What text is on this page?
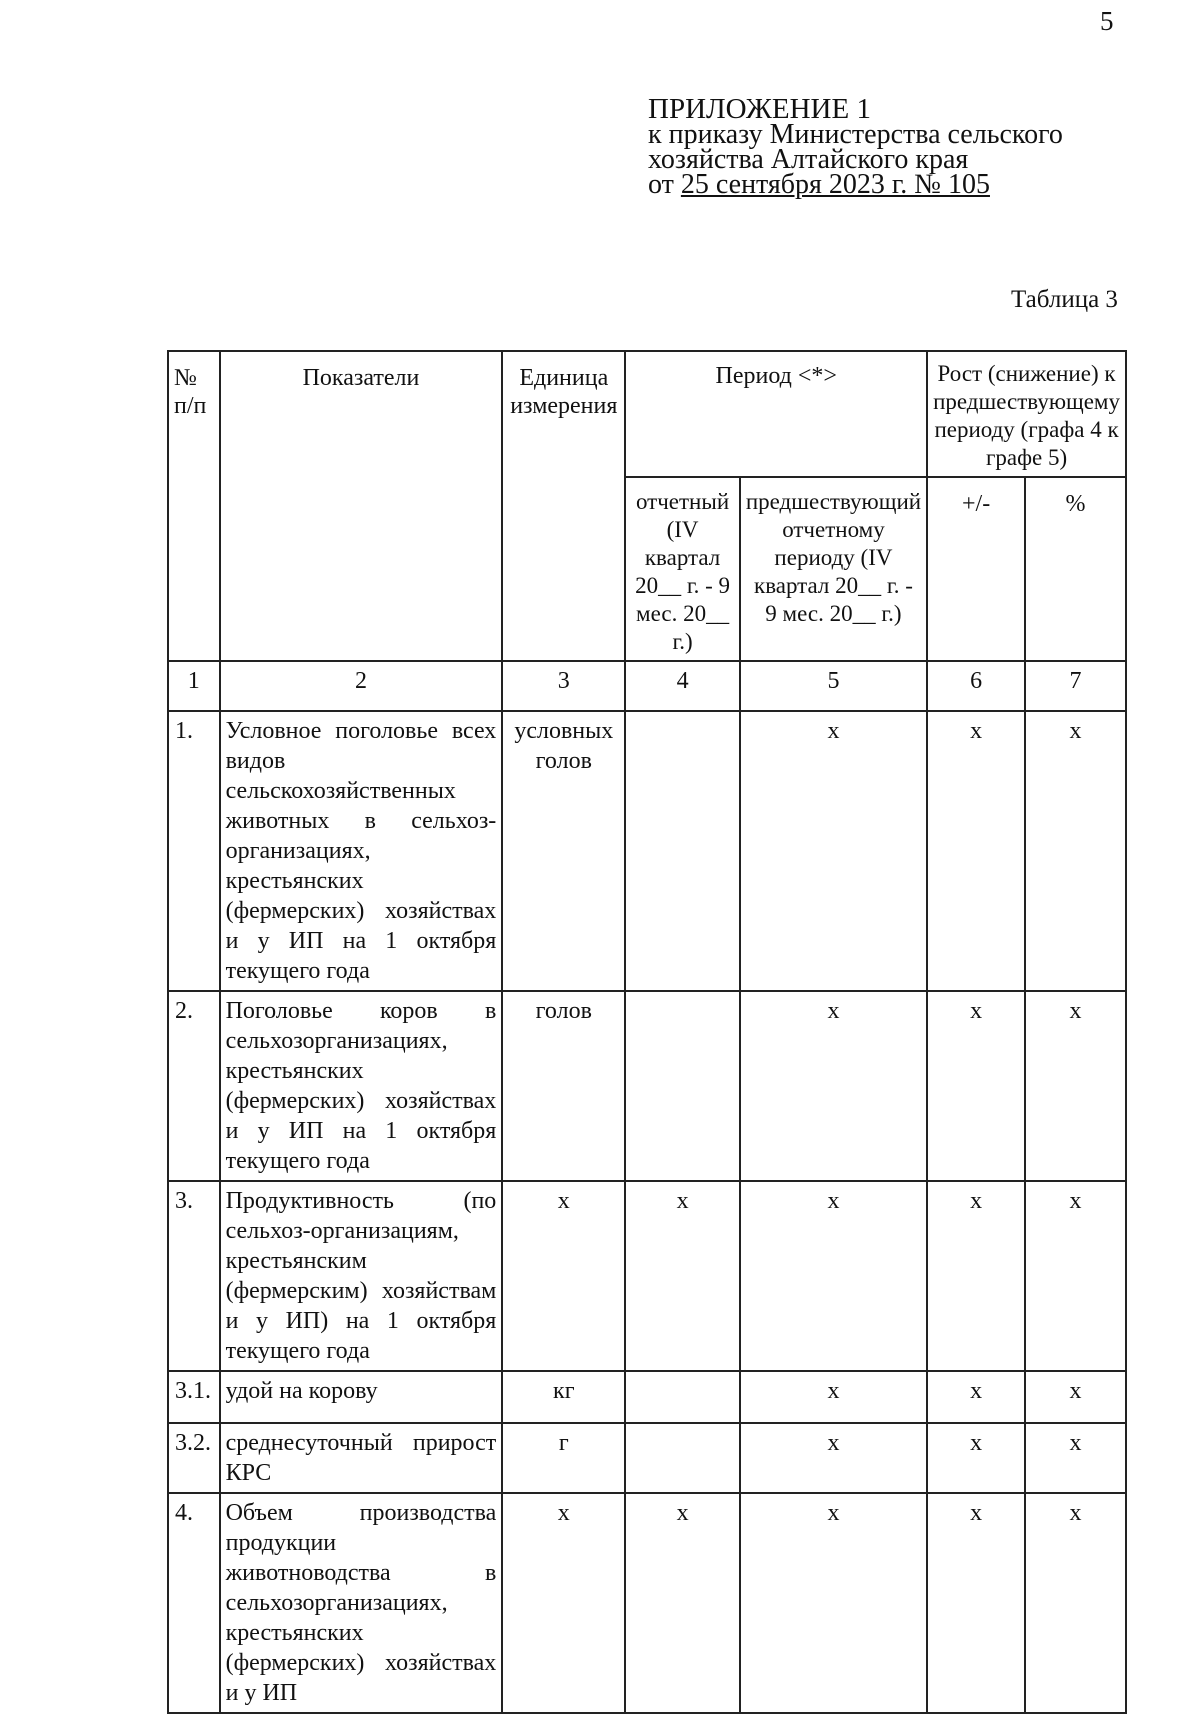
5
ПРИЛОЖЕНИЕ 1
к приказу Министерства сельского
хозяйства Алтайского края
от 25 сентября 2023 г. № 105
Таблица 3
№ п/п	Показатели	Единица измерения	Период <*>		Рост (снижение) к предшествующему периоду (графа 4 к графе 5)	
			отчетный (IV квартал 20__ г. - 9 мес. 20__ г.)	предшествующий отчетному периоду (IV квартал 20__ г. - 9 мес. 20__ г.)		
					+/-	%
1	2	3	4	5	6	7
1.	Условное поголовье всех видов сельскохозяйственных животных в сельхоз-организациях, крестьянских (фермерских) хозяйствах и у ИП на 1 октября текущего года	условных голов		х	х	х
2.	Поголовье коров в сельхозорганизациях, крестьянских (фермерских) хозяйствах и у ИП на 1 октября текущего года	голов		х	х	х
3.	Продуктивность (по сельхоз-организациям, крестьянским (фермерским) хозяйствам и у ИП) на 1 октября текущего года	х	х	х	х	х
3.1.	удой на корову	кг		х	х	х
3.2.	среднесуточный прирост КРС	г		х	х	х
4.	Объем производства продукции животноводства в сельхозорганизациях, крестьянских (фермерских) хозяйствах и у ИП	х	х	х	х	х
